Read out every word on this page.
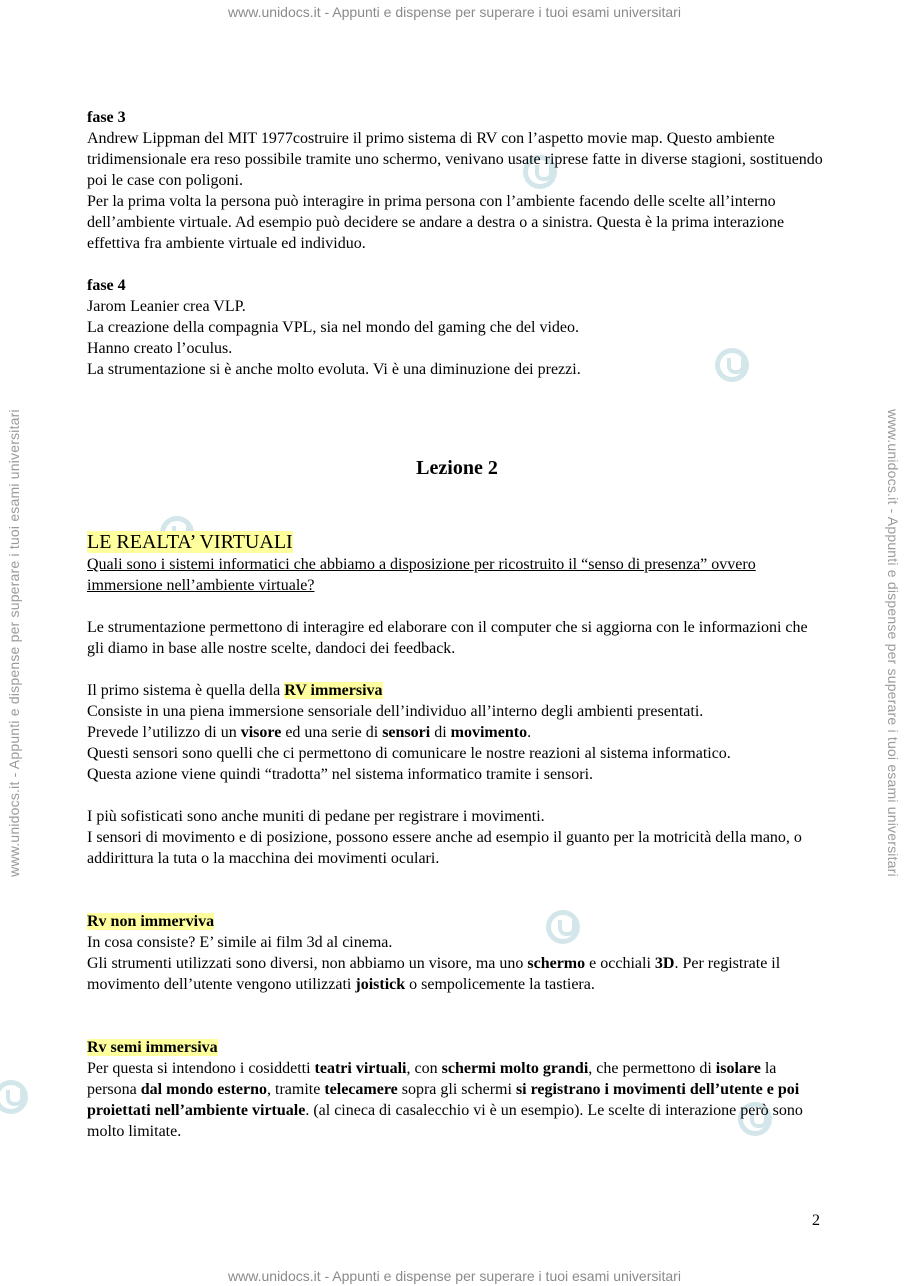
www.unidocs.it - Appunti e dispense per superare i tuoi esami universitari
www.unidocs.it - Appunti e dispense per superare i tuoi esami universitari
www.unidocs.it - Appunti e dispense per superare i tuoi esami universitari	www.unidocs.it - Appunti e dispense per superare i tuoi esami universitari

fase 3

Andrew Lippman del MIT 1977costruire il primo sistema di RV con l’aspetto movie map. Questo ambiente tridimensionale era reso possibile tramite uno schermo, venivano usate riprese fatte in diverse stagioni, sostituendo poi le case con poligoni.

Per la prima volta la persona può interagire in prima persona con l’ambiente facendo delle scelte all’interno dell’ambiente virtuale. Ad esempio può decidere se andare a destra o a sinistra. Questa è la prima interazione effettiva fra ambiente virtuale ed individuo.

fase 4

Jarom Leanier crea VLP.

La creazione della compagnia VPL, sia nel mondo del gaming che del video.

Hanno creato l’oculus.

La strumentazione si è anche molto evoluta. Vi è una diminuzione dei prezzi.

Lezione 2

LE REALTA’ VIRTUALI

Quali sono i sistemi informatici che abbiamo a disposizione per ricostruito il “senso di presenza” ovvero immersione nell’ambiente virtuale?

Le strumentazione permettono di interagire ed elaborare con il computer che si aggiorna con le informazioni che gli diamo in base alle nostre scelte, dandoci dei feedback.

Il primo sistema è quella della RV immersiva

Consiste in una piena immersione sensoriale dell’individuo all’interno degli ambienti presentati.

Prevede l’utilizzo di un visore ed una serie di sensori di movimento.

Questi sensori sono quelli che ci permettono di comunicare le nostre reazioni al sistema informatico.

Questa azione viene quindi “tradotta” nel sistema informatico tramite i sensori.

I più sofisticati sono anche muniti di pedane per registrare i movimenti.

I sensori di movimento e di posizione, possono essere anche ad esempio il guanto per la motricità della mano, o addirittura la tuta o la macchina dei movimenti oculari.

Rv non immerviva

In cosa consiste? E’ simile ai film 3d al cinema.

Gli strumenti utilizzati sono diversi, non abbiamo un visore, ma uno schermo e occhiali 3D. Per registrate il movimento dell’utente vengono utilizzati joistick o sempolicemente la tastiera.

Rv semi immersiva

Per questa si intendono i cosiddetti teatri virtuali, con schermi molto grandi, che permettono di isolare la persona dal mondo esterno, tramite telecamere sopra gli schermi si registrano i movimenti dell’utente e poi proiettati nell’ambiente virtuale. (al cineca di casalecchio vi è un esempio). Le scelte di interazione però sono molto limitate.

2
